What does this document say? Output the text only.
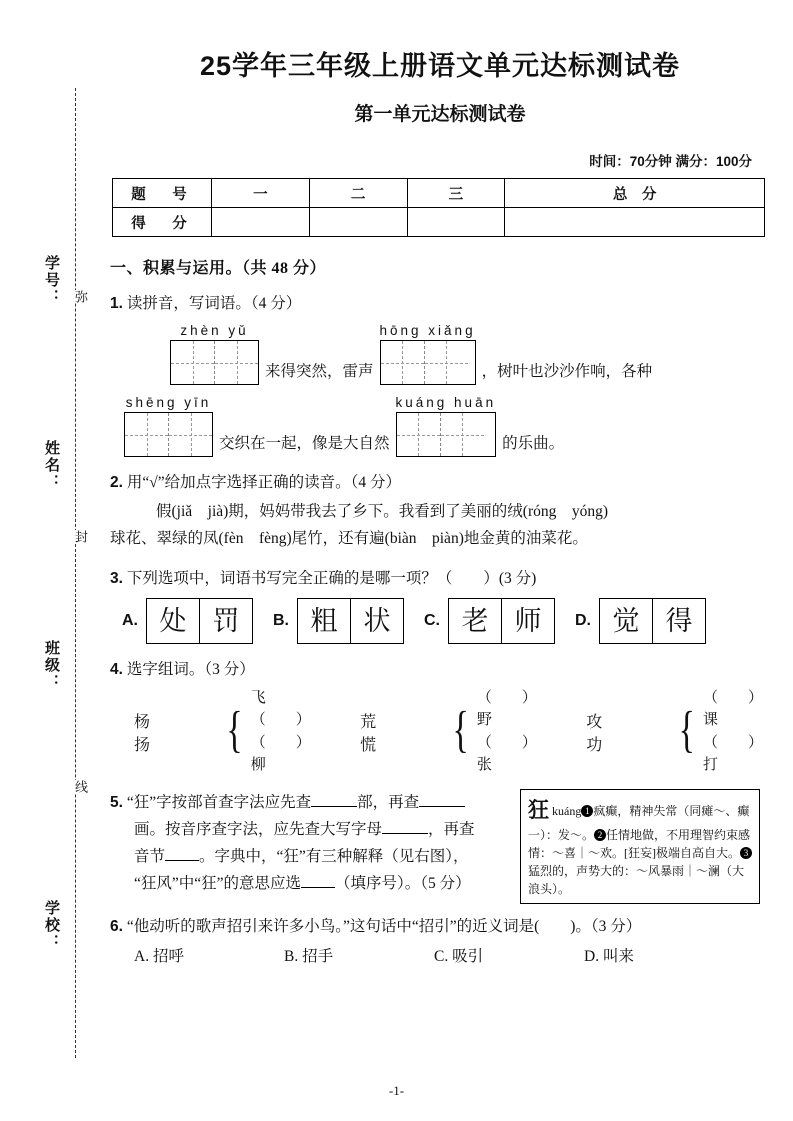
学号：	弥
姓名：
封
班级：
线
学校：
25学年三年级上册语文单元达标测试卷
第一单元达标测试卷
时间：70分钟 满分：100分
题　号	一	二	三	总　分
得　分				
一、积累与运用。（共 48 分）
1. 读拼音，写词语。（4 分）
zhèn yǔ
来得突然，雷声
hōng xiǎng
，树叶也沙沙作响，各种
shēng yīn
交织在一起，像是大自然
kuáng huān
的乐曲。
2. 用“√”给加点字选择正确的读音。（4 分）
假(jiǎ　jià)期，妈妈带我去了乡下。我看到了美丽的绒(róng　yóng)
球花、翠绿的凤(fèn　fèng)尾竹，还有遍(biàn　piàn)地金黄的油菜花。
3. 下列选项中，词语书写完全正确的是哪一项？（　　）(3 分)
A. 处 罚	B. 粗 状	C. 老 师	D. 觉 得
4. 选字组词。（3 分）
杨　扬	{
飞（　　）
（　　）柳
荒　慌	{
（　　）野
（　　）张
攻　功	{
（　　）课
（　　）打
5. “狂”字按部首查字法应先查	部，再查
画。按音序查字法，应先查大写字母	，再查
音节 。字典中，“狂”有三种解释（见右图），
“狂风”中“狂”的意思应选 （填序号）。（5 分）
狂kuáng 1 疯癫，精神失常（同瘫～、癫一）：发～。 2 任情地做，不用理智约束感情：～喜｜～欢。[狂妄]极端自高自大。 3猛烈的，声势大的：～风暴雨｜～澜（大浪头）。
6. “他动听的歌声招引来许多小鸟。”这句话中“招引”的近义词是(　　)。（3 分）
A. 招呼	B. 招手	C. 吸引	D. 叫来
-1-
